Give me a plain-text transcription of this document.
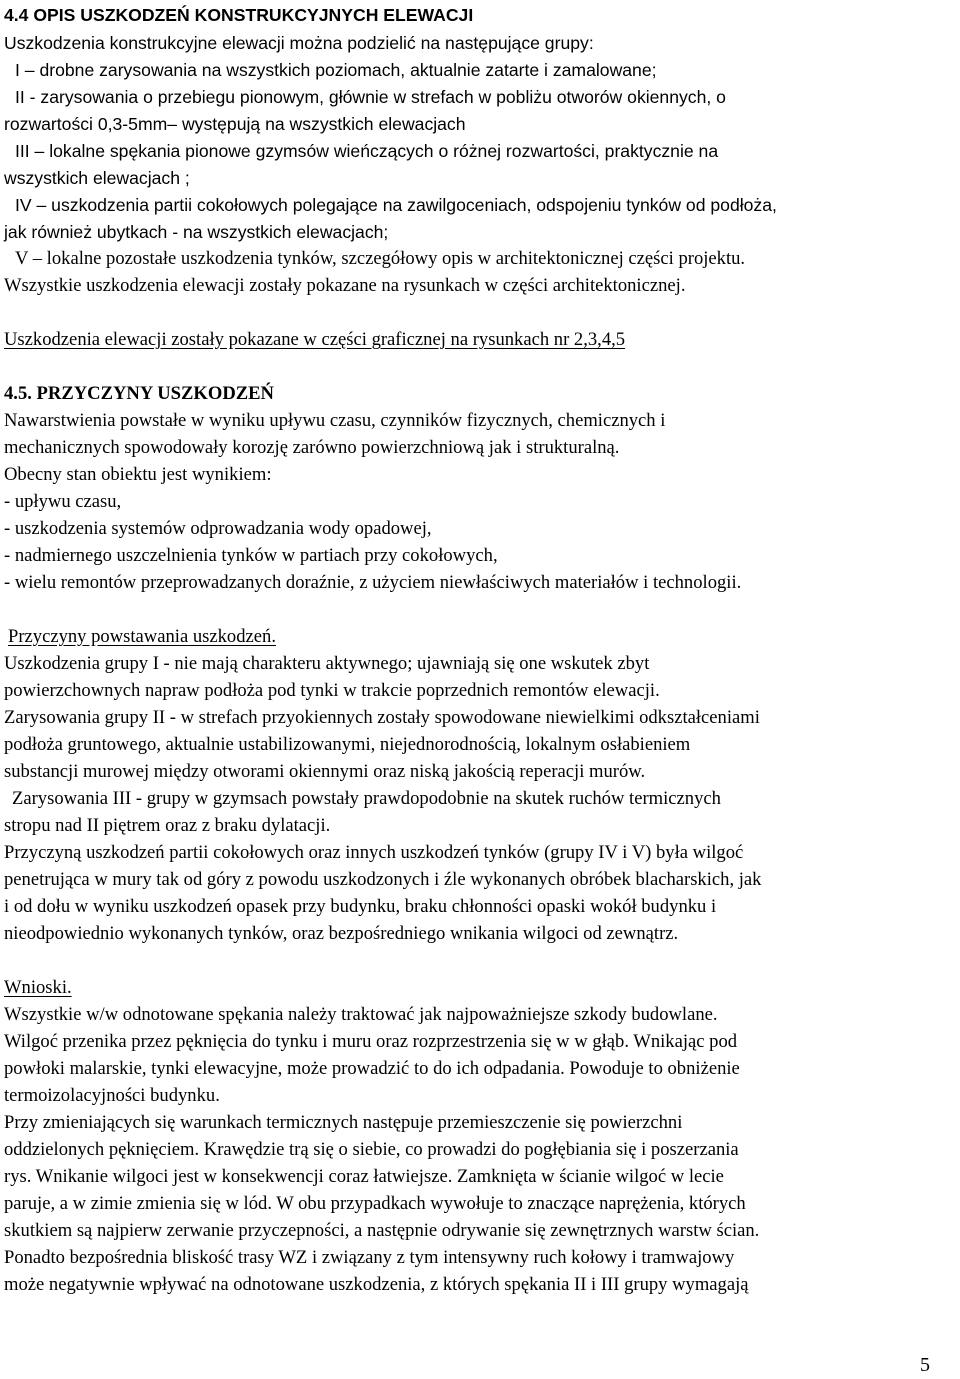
4.4 OPIS USZKODZEŃ KONSTRUKCYJNYCH ELEWACJI
Uszkodzenia konstrukcyjne elewacji można podzielić na następujące grupy:
I – drobne zarysowania na wszystkich poziomach, aktualnie zatarte i zamalowane;
II - zarysowania o przebiegu pionowym, głównie w strefach w pobliżu otworów okiennych, o
rozwartości 0,3-5mm– występują na wszystkich elewacjach
III – lokalne spękania pionowe gzymsów wieńczących o różnej rozwartości, praktycznie na
wszystkich elewacjach ;
IV – uszkodzenia partii cokołowych polegające na zawilgoceniach, odspojeniu tynków od podłoża,
jak również ubytkach - na wszystkich elewacjach;
V – lokalne pozostałe uszkodzenia tynków, szczegółowy opis w architektonicznej części projektu.
Wszystkie uszkodzenia elewacji zostały pokazane na rysunkach w części architektonicznej.
Uszkodzenia elewacji zostały pokazane w części graficznej na rysunkach nr 2,3,4,5
4.5. PRZYCZYNY USZKODZEŃ
Nawarstwienia powstałe w wyniku upływu czasu, czynników fizycznych, chemicznych i
mechanicznych spowodowały korozję zarówno powierzchniową jak i strukturalną.
Obecny stan obiektu jest wynikiem:
- upływu czasu,
- uszkodzenia systemów odprowadzania wody opadowej,
- nadmiernego uszczelnienia tynków w partiach przy cokołowych,
- wielu remontów przeprowadzanych doraźnie, z użyciem niewłaściwych materiałów i technologii.
Przyczyny powstawania uszkodzeń.
Uszkodzenia grupy I - nie mają charakteru aktywnego; ujawniają się one wskutek zbyt
powierzchownych napraw podłoża pod tynki w trakcie poprzednich remontów elewacji.
Zarysowania grupy II - w strefach przyokiennych zostały spowodowane niewielkimi odkształceniami
podłoża gruntowego, aktualnie ustabilizowanymi, niejednorodnością, lokalnym osłabieniem
substancji murowej między otworami okiennymi oraz niską jakością reperacji murów.
Zarysowania III - grupy w gzymsach powstały prawdopodobnie na skutek ruchów termicznych
stropu nad II piętrem oraz z braku dylatacji.
Przyczyną uszkodzeń partii cokołowych oraz innych uszkodzeń tynków (grupy IV i V) była wilgoć
penetrująca w mury tak od góry z powodu uszkodzonych i źle wykonanych obróbek blacharskich, jak
i od dołu w wyniku uszkodzeń opasek przy budynku, braku chłonności opaski wokół budynku i
nieodpowiednio wykonanych tynków, oraz bezpośredniego wnikania wilgoci od zewnątrz.
Wnioski.
Wszystkie w/w odnotowane spękania należy traktować jak najpoważniejsze szkody budowlane.
Wilgoć przenika przez pęknięcia do tynku i muru oraz rozprzestrzenia się w w głąb. Wnikając pod
powłoki malarskie, tynki elewacyjne, może prowadzić to do ich odpadania. Powoduje to obniżenie
termoizolacyjności budynku.
Przy zmieniających się warunkach termicznych następuje przemieszczenie się powierzchni
oddzielonych pęknięciem. Krawędzie trą się o siebie, co prowadzi do pogłębiania się i poszerzania
rys. Wnikanie wilgoci jest w konsekwencji coraz łatwiejsze. Zamknięta w ścianie wilgoć w lecie
paruje, a w zimie zmienia się w lód. W obu przypadkach wywołuje to znaczące naprężenia, których
skutkiem są najpierw zerwanie przyczepności, a następnie odrywanie się zewnętrznych warstw ścian.
Ponadto bezpośrednia bliskość trasy WZ i związany z tym intensywny ruch kołowy i tramwajowy
może negatywnie wpływać na odnotowane uszkodzenia, z których spękania II i III grupy wymagają
5
